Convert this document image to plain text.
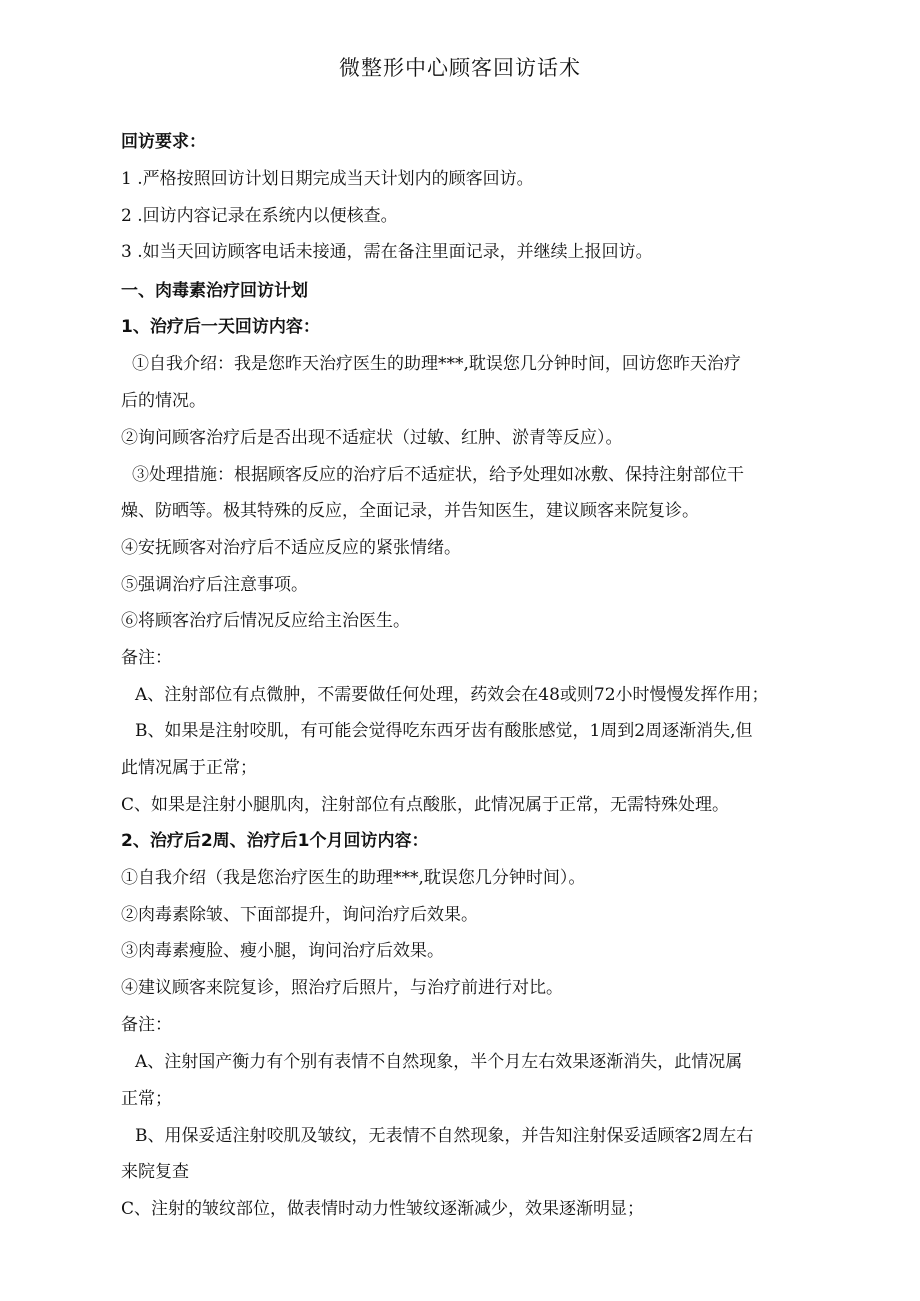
微整形中心顾客回访话术
回访要求：
1 .严格按照回访计划日期完成当天计划内的顾客回访。
2 .回访内容记录在系统内以便核查。
3 .如当天回访顾客电话未接通，需在备注里面记录，并继续上报回访。
一、肉毒素治疗回访计划
1、治疗后一天回访内容：
①自我介绍：我是您昨天治疗医生的助理***,耽误您几分钟时间，回访您昨天治疗
后的情况。
②询问顾客治疗后是否出现不适症状（过敏、红肿、淤青等反应）。
③处理措施：根据顾客反应的治疗后不适症状，给予处理如冰敷、保持注射部位干
燥、防晒等。极其特殊的反应，全面记录，并告知医生，建议顾客来院复诊。
④安抚顾客对治疗后不适应反应的紧张情绪。
⑤强调治疗后注意事项。
⑥将顾客治疗后情况反应给主治医生。
备注：
A、注射部位有点微肿，不需要做任何处理，药效会在48或则72小时慢慢发挥作用；
B、如果是注射咬肌，有可能会觉得吃东西牙齿有酸胀感觉，1周到2周逐渐消失,但
此情况属于正常；
C、如果是注射小腿肌肉，注射部位有点酸胀，此情况属于正常，无需特殊处理。
2、治疗后2周、治疗后1个月回访内容：
①自我介绍（我是您治疗医生的助理***,耽误您几分钟时间）。
②肉毒素除皱、下面部提升，询问治疗后效果。
③肉毒素瘦脸、瘦小腿，询问治疗后效果。
④建议顾客来院复诊，照治疗后照片，与治疗前进行对比。
备注：
A、注射国产衡力有个别有表情不自然现象，半个月左右效果逐渐消失，此情况属
正常；
B、用保妥适注射咬肌及皱纹，无表情不自然现象，并告知注射保妥适顾客2周左右
来院复查
C、注射的皱纹部位，做表情时动力性皱纹逐渐减少，效果逐渐明显；
